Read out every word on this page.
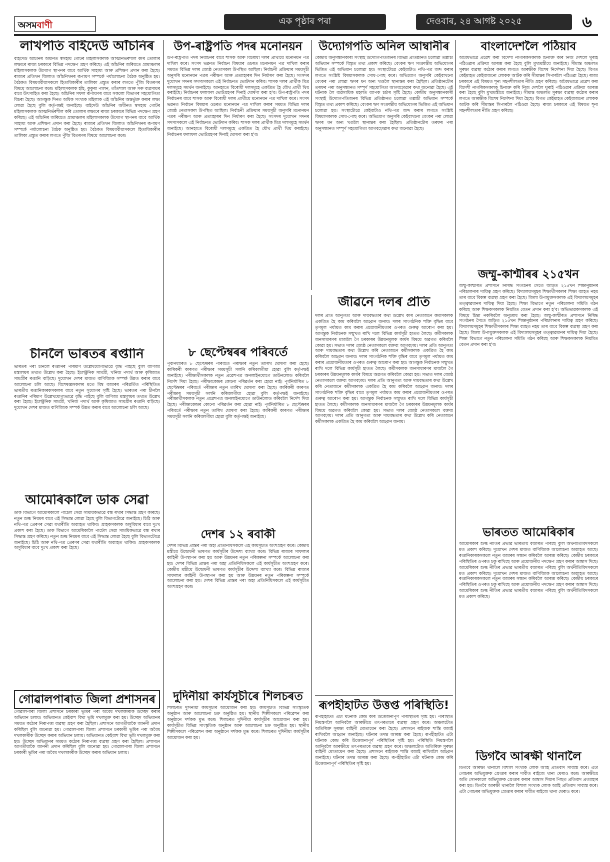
অসমবাণী	এক পৃষ্ঠাৰ পৰা	দেওবাৰ, ২৪ আগষ্ট ২০২৫	৬
লাখপতি বাইদেউ আঁচনিৰ
বাইদেউ আঁচনিৰ অধীনত স্বসহায় গোটৰ মহিলাসকলক আত্মনিৰ্ভৰশীল কৰি তোলাৰ লক্ষ্যৰে ৰাজ্য চৰকাৰে বিভিন্ন পদক্ষেপ গ্ৰহণ কৰিছে। এই আঁচনিৰ জৰিয়তে গ্ৰামাঞ্চলৰ মহিলাসকলক উদ্যোগ স্থাপনৰ বাবে আৰ্থিক সাহায্য আৰু প্ৰশিক্ষণ প্ৰদান কৰা হৈছে। ৰাজ্যৰ প্ৰতিখন জিলাত আঁচনিখনৰ ৰূপায়ণ সম্পৰ্কে পৰ্যালোচনা বৈঠক অনুষ্ঠিত হয়। বৈঠকত বিষয়ববীয়াসকলে হিতাধিকাৰীৰ তালিকা প্ৰস্তুত কৰাৰ লগতে পুঁজি বিতৰণৰ বিষয়ে আলোচনা কৰে। মহিলাসকলক হাঁহ, কুকুৰা পালন, তাঁতশাল আৰু সৰু ব্যৱসায়ৰ বাবে উৎসাহিত কৰা হৈছে। আঁচনিৰ সফল ৰূপায়ণৰ বাবে সকলো বিভাগৰ সহযোগিতা বিচৰা হৈছে। আগন্তুক দিনত অধিক সংখ্যক মহিলাক এই আঁচনিৰ অন্তৰ্ভুক্ত কৰাৰ লক্ষ্য লোৱা হৈছে বুলি কৰ্তৃপক্ষই জনাইছে। বাইদেউ আঁচনিৰ অধীনত স্বসহায় গোটৰ মহিলাসকলক আত্মনিৰ্ভৰশীল কৰি তোলাৰ লক্ষ্যৰে ৰাজ্য চৰকাৰে বিভিন্ন পদক্ষেপ গ্ৰহণ কৰিছে। এই আঁচনিৰ জৰিয়তে গ্ৰামাঞ্চলৰ মহিলাসকলক উদ্যোগ স্থাপনৰ বাবে আৰ্থিক সাহায্য আৰু প্ৰশিক্ষণ প্ৰদান কৰা হৈছে। ৰাজ্যৰ প্ৰতিখন জিলাত আঁচনিখনৰ ৰূপায়ণ সম্পৰ্কে পৰ্যালোচনা বৈঠক অনুষ্ঠিত হয়। বৈঠকত বিষয়ববীয়াসকলে হিতাধিকাৰীৰ তালিকা প্ৰস্তুত কৰাৰ লগতে পুঁজি বিতৰণৰ বিষয়ে আলোচনা কৰে।
চীনলৈ ভাৰতৰ ৰপ্তানি
ভাৰতৰ পৰা চীনলৈ ৰপ্তানিৰ পৰিমাণ উল্লেখযোগ্যভাৱে বৃদ্ধি পাইছে বুলি বাণিজ্য মন্ত্ৰালয়ৰ তথ্যত উল্লেখ কৰা হৈছে। ইলেক্ট্ৰনিক সামগ্ৰী, খনিজ পদাৰ্থ আৰু কৃষিজাত সামগ্ৰীৰ ৰপ্তানি বাঢ়িছে। দুয়োখন দেশৰ মাজত বাণিজ্যিক সম্পৰ্ক উন্নত কৰাৰ বাবে আলোচনা চলি আছে। বিশেষজ্ঞসকলৰ মতে বিশ্ব বজাৰৰ পৰিৱৰ্তিত পৰিস্থিতিত ভাৰতীয় ৰপ্তানিকাৰকসকলৰ বাবে নতুন সুযোগৰ সৃষ্টি হৈছে। ভাৰতৰ পৰা চীনলৈ ৰপ্তানিৰ পৰিমাণ উল্লেখযোগ্যভাৱে বৃদ্ধি পাইছে বুলি বাণিজ্য মন্ত্ৰালয়ৰ তথ্যত উল্লেখ কৰা হৈছে। ইলেক্ট্ৰনিক সামগ্ৰী, খনিজ পদাৰ্থ আৰু কৃষিজাত সামগ্ৰীৰ ৰপ্তানি বাঢ়িছে। দুয়োখন দেশৰ মাজত বাণিজ্যিক সম্পৰ্ক উন্নত কৰাৰ বাবে আলোচনা চলি আছে।
আমেৰিকালৈ ডাক সেৱা
ডাক বিভাগে আমেৰিকালৈ পাৰ্চেল সেৱা সাময়িকভাৱে বন্ধ ৰখাৰ সিদ্ধান্ত গ্ৰহণ কৰিছে। নতুন শুল্ক নিয়মৰ বাবে এই সিদ্ধান্ত লোৱা হৈছে বুলি বিভাগটোৱে জনাইছে। চিঠি আৰু নথি-পত্ৰ প্ৰেৰণৰ সেৱা যথাৰীতি অব্যাহত থাকিব। গ্ৰাহকসকলক অসুবিধাৰ বাবে দুঃখ প্ৰকাশ কৰা হৈছে। ডাক বিভাগে আমেৰিকালৈ পাৰ্চেল সেৱা সাময়িকভাৱে বন্ধ ৰখাৰ সিদ্ধান্ত গ্ৰহণ কৰিছে। নতুন শুল্ক নিয়মৰ বাবে এই সিদ্ধান্ত লোৱা হৈছে বুলি বিভাগটোৱে জনাইছে। চিঠি আৰু নথি-পত্ৰ প্ৰেৰণৰ সেৱা যথাৰীতি অব্যাহত থাকিব। গ্ৰাহকসকলক অসুবিধাৰ বাবে দুঃখ প্ৰকাশ কৰা হৈছে।
গোৱালপাৰাত জিলা প্ৰশাসনৰ
গোৱালপাৰা জিলা প্ৰশাসনে চৰকাৰী ভূমিৰ পৰা অবৈধ দখলকাৰীক উচ্ছেদ কৰাৰ অভিযান চলায়। অভিযানত কেইবাশ বিঘা ভূমি দখলমুক্ত কৰা হয়। উচ্ছেদ অভিযানৰ সময়ত কঠোৰ নিৰাপত্তা ব্যৱস্থা গ্ৰহণ কৰা হৈছিল। প্ৰশাসনে আগতীয়াকৈ জাননী প্ৰদান কৰিছিল বুলি জনোৱা হয়। গোৱালপাৰা জিলা প্ৰশাসনে চৰকাৰী ভূমিৰ পৰা অবৈধ দখলকাৰীক উচ্ছেদ কৰাৰ অভিযান চলায়। অভিযানত কেইবাশ বিঘা ভূমি দখলমুক্ত কৰা হয়। উচ্ছেদ অভিযানৰ সময়ত কঠোৰ নিৰাপত্তা ব্যৱস্থা গ্ৰহণ কৰা হৈছিল। প্ৰশাসনে আগতীয়াকৈ জাননী প্ৰদান কৰিছিল বুলি জনোৱা হয়। গোৱালপাৰা জিলা প্ৰশাসনে চৰকাৰী ভূমিৰ পৰা অবৈধ দখলকাৰীক উচ্ছেদ কৰাৰ অভিযান চলায়।
উপ-ৰাষ্ট্ৰপতি পদৰ মনোনয়ন
উপ-ৰাষ্ট্ৰপতি পদৰ নিৰ্বাচনৰ বাবে শাসক আৰু বিৰোধী দলৰ প্ৰাৰ্থীয়ে মনোনয়ন পত্ৰ দাখিল কৰে। সংসদ ভৱনত নিৰ্বাচন বিষয়াৰ ওচৰত মনোনয়ন পত্ৰ দাখিল কৰাৰ সময়ত বিভিন্ন দলৰ জ্যেষ্ঠ নেতাসকল উপস্থিত আছিল। নিৰ্বাচনী প্ৰক্ৰিয়াৰ সময়সূচী অনুসৰি মনোনয়ন পত্ৰৰ পৰীক্ষণ আৰু প্ৰত্যাহাৰৰ দিন নিৰ্ধাৰণ কৰা হৈছে। সংসদৰ দুয়োখন সদনৰ সদস্যসকলে এই নিৰ্বাচনত ভোটদান কৰিব। শাসক দলৰ প্ৰাৰ্থীক মিত্ৰ দলসমূহে সমৰ্থন জনাইছে। আনহাতে বিৰোধী দলসমূহে একত্ৰিত হৈ যৌথ প্ৰাৰ্থী থিয় কৰাইছে। নিৰ্বাচনৰ ফলাফল ভোটগ্ৰহণৰ দিনাই ঘোষণা কৰা হ'ব। উপ-ৰাষ্ট্ৰপতি পদৰ নিৰ্বাচনৰ বাবে শাসক আৰু বিৰোধী দলৰ প্ৰাৰ্থীয়ে মনোনয়ন পত্ৰ দাখিল কৰে। সংসদ ভৱনত নিৰ্বাচন বিষয়াৰ ওচৰত মনোনয়ন পত্ৰ দাখিল কৰাৰ সময়ত বিভিন্ন দলৰ জ্যেষ্ঠ নেতাসকল উপস্থিত আছিল। নিৰ্বাচনী প্ৰক্ৰিয়াৰ সময়সূচী অনুসৰি মনোনয়ন পত্ৰৰ পৰীক্ষণ আৰু প্ৰত্যাহাৰৰ দিন নিৰ্ধাৰণ কৰা হৈছে। সংসদৰ দুয়োখন সদনৰ সদস্যসকলে এই নিৰ্বাচনত ভোটদান কৰিব। শাসক দলৰ প্ৰাৰ্থীক মিত্ৰ দলসমূহে সমৰ্থন জনাইছে। আনহাতে বিৰোধী দলসমূহে একত্ৰিত হৈ যৌথ প্ৰাৰ্থী থিয় কৰাইছে। নিৰ্বাচনৰ ফলাফল ভোটগ্ৰহণৰ দিনাই ঘোষণা কৰা হ'ব।
৮ ছেপ্টেম্বৰৰ পৰিবৰ্তে
পূৰ্বনিৰ্ধাৰিত ৮ ছেপ্টেম্বৰৰ পৰিবৰ্তে পৰীক্ষাৰ নতুন তাৰিখ ঘোষণা কৰা হৈছে। কাৰিকৰী কাৰণত পৰীক্ষাৰ সময়সূচী সলনি কৰিবলগীয়া হোৱা বুলি কৰ্তৃপক্ষই জনাইছে। পৰীক্ষাৰ্থীসকলক নতুন প্ৰৱেশপত্ৰ অনলাইনযোগে ডাউনলোড কৰিবলৈ নিৰ্দেশ দিয়া হৈছে। পৰীক্ষাকেন্দ্ৰৰ কোনো পৰিৱৰ্তন কৰা হোৱা নাই। পূৰ্বনিৰ্ধাৰিত ৮ ছেপ্টেম্বৰৰ পৰিবৰ্তে পৰীক্ষাৰ নতুন তাৰিখ ঘোষণা কৰা হৈছে। কাৰিকৰী কাৰণত পৰীক্ষাৰ সময়সূচী সলনি কৰিবলগীয়া হোৱা বুলি কৰ্তৃপক্ষই জনাইছে। পৰীক্ষাৰ্থীসকলক নতুন প্ৰৱেশপত্ৰ অনলাইনযোগে ডাউনলোড কৰিবলৈ নিৰ্দেশ দিয়া হৈছে। পৰীক্ষাকেন্দ্ৰৰ কোনো পৰিৱৰ্তন কৰা হোৱা নাই। পূৰ্বনিৰ্ধাৰিত ৮ ছেপ্টেম্বৰৰ পৰিবৰ্তে পৰীক্ষাৰ নতুন তাৰিখ ঘোষণা কৰা হৈছে। কাৰিকৰী কাৰণত পৰীক্ষাৰ সময়সূচী সলনি কৰিবলগীয়া হোৱা বুলি কৰ্তৃপক্ষই জনাইছে।
দেশৰ ১২ ৰবাকী
দেশৰ বিভিন্ন প্ৰান্তৰ পৰা অহা প্ৰতিনিধিসকলে এই কাৰ্যসূচীত অংশগ্ৰহণ কৰে। কেন্দ্ৰীয় মন্ত্ৰীয়ে উদ্বোধনী ভাষণত কাৰ্যসূচীৰ উদ্দেশ্য ব্যাখ্যা কৰে। বিভিন্ন ৰাজ্যৰ সাফল্যৰ কাহিনী উপস্থাপন কৰা হয় আৰু উন্নয়নৰ নতুন পৰিকল্পনা সম্পৰ্কে আলোচনা কৰা হয়। দেশৰ বিভিন্ন প্ৰান্তৰ পৰা অহা প্ৰতিনিধিসকলে এই কাৰ্যসূচীত অংশগ্ৰহণ কৰে। কেন্দ্ৰীয় মন্ত্ৰীয়ে উদ্বোধনী ভাষণত কাৰ্যসূচীৰ উদ্দেশ্য ব্যাখ্যা কৰে। বিভিন্ন ৰাজ্যৰ সাফল্যৰ কাহিনী উপস্থাপন কৰা হয় আৰু উন্নয়নৰ নতুন পৰিকল্পনা সম্পৰ্কে আলোচনা কৰা হয়। দেশৰ বিভিন্ন প্ৰান্তৰ পৰা অহা প্ৰতিনিধিসকলে এই কাৰ্যসূচীত অংশগ্ৰহণ কৰে।
দুদিনীয়া কাৰ্যসূচীৰে শিলচৰত
শিলচৰত দুদিনীয়া কাৰ্যসূচীৰ আয়োজন কৰা হয়। কাৰ্যসূচীত বিভিন্ন সাংস্কৃতিক অনুষ্ঠান আৰু আলোচনা চক্ৰ অনুষ্ঠিত হয়। স্থানীয় শিল্পীসকলে পৰিৱেশন কৰা অনুষ্ঠানে দৰ্শকক মুগ্ধ কৰে। শিলচৰত দুদিনীয়া কাৰ্যসূচীৰ আয়োজন কৰা হয়। কাৰ্যসূচীত বিভিন্ন সাংস্কৃতিক অনুষ্ঠান আৰু আলোচনা চক্ৰ অনুষ্ঠিত হয়। স্থানীয় শিল্পীসকলে পৰিৱেশন কৰা অনুষ্ঠানে দৰ্শকক মুগ্ধ কৰে। শিলচৰত দুদিনীয়া কাৰ্যসূচীৰ আয়োজন কৰা হয়।
উদ্যোগপতি অনিল আম্বানীৰ
কেন্দ্ৰীয় অনুসন্ধানকাৰী সংস্থাই উদ্যোগপতিজনৰ বিভিন্ন প্ৰতিষ্ঠানত চলোৱা তল্লাচী অভিযান সম্পৰ্কে বিস্তৃত তথ্য প্ৰকাশ কৰিছে। বেংকৰ ঋণ সংক্ৰান্তীয় অভিযোগৰ ভিত্তিত এই অভিযান চলোৱা হয়। সংস্থাটোৱে কেইবাটাও নথি-পত্ৰ জব্দ কৰাৰ লগতে সংশ্লিষ্ট বিষয়াসকলক সোধ-পোছ কৰে। অভিযোগ অনুসৰি কেইবাখনো বেংকৰ পৰা লোৱা ঋণৰ ধন অন্য খণ্ডলৈ স্থানান্তৰ কৰা হৈছিল। প্ৰতিষ্ঠানটোৰ তৰফৰ পৰা অনুসন্ধানত সম্পূৰ্ণ সহযোগিতা আগবঢ়োৱাৰ কথা জনোৱা হৈছে। এই ঘটনাক লৈ ব্যৱসায়িক মহলত ব্যাপক চৰ্চাৰ সৃষ্টি হৈছে। কেন্দ্ৰীয় অনুসন্ধানকাৰী সংস্থাই উদ্যোগপতিজনৰ বিভিন্ন প্ৰতিষ্ঠানত চলোৱা তল্লাচী অভিযান সম্পৰ্কে বিস্তৃত তথ্য প্ৰকাশ কৰিছে। বেংকৰ ঋণ সংক্ৰান্তীয় অভিযোগৰ ভিত্তিত এই অভিযান চলোৱা হয়। সংস্থাটোৱে কেইবাটাও নথি-পত্ৰ জব্দ কৰাৰ লগতে সংশ্লিষ্ট বিষয়াসকলক সোধ-পোছ কৰে। অভিযোগ অনুসৰি কেইবাখনো বেংকৰ পৰা লোৱা ঋণৰ ধন অন্য খণ্ডলৈ স্থানান্তৰ কৰা হৈছিল। প্ৰতিষ্ঠানটোৰ তৰফৰ পৰা অনুসন্ধানত সম্পূৰ্ণ সহযোগিতা আগবঢ়োৱাৰ কথা জনোৱা হৈছে।
জীৱনে দলৰ প্ৰতি
দলৰ প্ৰতি আনুগত্য আৰু দায়বদ্ধতাৰ কথা উল্লেখ কৰি নেতাজনে কৰ্মীসকলক একত্ৰিত হৈ কাম কৰিবলৈ আহ্বান জনায়। দলৰ সাংগঠনিক শক্তি বৃদ্ধিৰ বাবে তৃণমূল পৰ্যায়ত কাম কৰাৰ প্ৰয়োজনীয়তাৰ ওপৰত গুৰুত্ব আৰোপ কৰা হয়। আগন্তুক নিৰ্বাচনক সন্মুখত ৰাখি দলে বিভিন্ন কাৰ্যসূচী হাতত লৈছে। কৰ্মীসকলক জনসাধাৰণৰ মাজলৈ গৈ চৰকাৰৰ উন্নয়নমূলক কাৰ্যৰ বিষয়ে অৱগত কৰিবলৈ কোৱা হয়। সভাত দলৰ জ্যেষ্ঠ নেতাসকলে বক্তব্য আগবঢ়ায়। দলৰ প্ৰতি আনুগত্য আৰু দায়বদ্ধতাৰ কথা উল্লেখ কৰি নেতাজনে কৰ্মীসকলক একত্ৰিত হৈ কাম কৰিবলৈ আহ্বান জনায়। দলৰ সাংগঠনিক শক্তি বৃদ্ধিৰ বাবে তৃণমূল পৰ্যায়ত কাম কৰাৰ প্ৰয়োজনীয়তাৰ ওপৰত গুৰুত্ব আৰোপ কৰা হয়। আগন্তুক নিৰ্বাচনক সন্মুখত ৰাখি দলে বিভিন্ন কাৰ্যসূচী হাতত লৈছে। কৰ্মীসকলক জনসাধাৰণৰ মাজলৈ গৈ চৰকাৰৰ উন্নয়নমূলক কাৰ্যৰ বিষয়ে অৱগত কৰিবলৈ কোৱা হয়। সভাত দলৰ জ্যেষ্ঠ নেতাসকলে বক্তব্য আগবঢ়ায়। দলৰ প্ৰতি আনুগত্য আৰু দায়বদ্ধতাৰ কথা উল্লেখ কৰি নেতাজনে কৰ্মীসকলক একত্ৰিত হৈ কাম কৰিবলৈ আহ্বান জনায়। দলৰ সাংগঠনিক শক্তি বৃদ্ধিৰ বাবে তৃণমূল পৰ্যায়ত কাম কৰাৰ প্ৰয়োজনীয়তাৰ ওপৰত গুৰুত্ব আৰোপ কৰা হয়। আগন্তুক নিৰ্বাচনক সন্মুখত ৰাখি দলে বিভিন্ন কাৰ্যসূচী হাতত লৈছে। কৰ্মীসকলক জনসাধাৰণৰ মাজলৈ গৈ চৰকাৰৰ উন্নয়নমূলক কাৰ্যৰ বিষয়ে অৱগত কৰিবলৈ কোৱা হয়। সভাত দলৰ জ্যেষ্ঠ নেতাসকলে বক্তব্য আগবঢ়ায়। দলৰ প্ৰতি আনুগত্য আৰু দায়বদ্ধতাৰ কথা উল্লেখ কৰি নেতাজনে কৰ্মীসকলক একত্ৰিত হৈ কাম কৰিবলৈ আহ্বান জনায়।
ৰূপহীহাটত উত্তপ্ত পৰিস্থিতি!
ৰূপহীহাটত এটা ঘটনাক কেন্দ্ৰ কৰি উত্তেজনাপূৰ্ণ পৰিস্থিতিৰ সৃষ্টি হয়। পৰিস্থিতি নিয়ন্ত্ৰণলৈ আনিবলৈ আৰক্ষীয়ে তৎপৰতাৰে ব্যৱস্থা গ্ৰহণ কৰে। অঞ্চলটোত অতিৰিক্ত সুৰক্ষা বাহিনী মোতায়েন কৰা হৈছে। প্ৰশাসনে ৰাইজক শান্তি বজাই ৰাখিবলৈ আহ্বান জনাইছে। ঘটনাৰ তদন্ত আৰম্ভ কৰা হৈছে। ৰূপহীহাটত এটা ঘটনাক কেন্দ্ৰ কৰি উত্তেজনাপূৰ্ণ পৰিস্থিতিৰ সৃষ্টি হয়। পৰিস্থিতি নিয়ন্ত্ৰণলৈ আনিবলৈ আৰক্ষীয়ে তৎপৰতাৰে ব্যৱস্থা গ্ৰহণ কৰে। অঞ্চলটোত অতিৰিক্ত সুৰক্ষা বাহিনী মোতায়েন কৰা হৈছে। প্ৰশাসনে ৰাইজক শান্তি বজাই ৰাখিবলৈ আহ্বান জনাইছে। ঘটনাৰ তদন্ত আৰম্ভ কৰা হৈছে। ৰূপহীহাটত এটা ঘটনাক কেন্দ্ৰ কৰি উত্তেজনাপূৰ্ণ পৰিস্থিতিৰ সৃষ্টি হয়।
বাংলাদেশলৈ পঠিয়াব
অবৈধভাৱে প্ৰৱেশ কৰা বিদেশী নাগৰিকসকলক চিনাক্ত কৰি নিজ দেশলৈ ঘূৰাই পঠিওৱাৰ প্ৰক্ৰিয়া আৰম্ভ কৰা হৈছে বুলি মুখ্যমন্ত্ৰীয়ে জনাইছে। সীমান্ত অঞ্চলত সুৰক্ষা ব্যৱস্থা কঠোৰ কৰাৰ লগতে আৰক্ষীক বিশেষ নিৰ্দেশনা দিয়া হৈছে। বিগত কেইমাহত কেইবাজনো লোকক আটক কৰি সীমান্তৰ সিপাৰলৈ পঠিওৱা হৈছে। ৰাজ্য চৰকাৰে এই বিষয়ত শূন্য সহনশীলতাৰ নীতি গ্ৰহণ কৰিছে। অবৈধভাৱে প্ৰৱেশ কৰা বিদেশী নাগৰিকসকলক চিনাক্ত কৰি নিজ দেশলৈ ঘূৰাই পঠিওৱাৰ প্ৰক্ৰিয়া আৰম্ভ কৰা হৈছে বুলি মুখ্যমন্ত্ৰীয়ে জনাইছে। সীমান্ত অঞ্চলত সুৰক্ষা ব্যৱস্থা কঠোৰ কৰাৰ লগতে আৰক্ষীক বিশেষ নিৰ্দেশনা দিয়া হৈছে। বিগত কেইমাহত কেইবাজনো লোকক আটক কৰি সীমান্তৰ সিপাৰলৈ পঠিওৱা হৈছে। ৰাজ্য চৰকাৰে এই বিষয়ত শূন্য সহনশীলতাৰ নীতি গ্ৰহণ কৰিছে।
জম্মু-কাশ্মীৰৰ ২১৫খন
জম্মু-কাশ্মীৰত প্ৰশাসনে নিষিদ্ধ সংগঠনৰ সৈতে জড়িত ২১৫খন শিক্ষানুষ্ঠানৰ পৰিচালনাৰ দায়িত্ব গ্ৰহণ কৰিছে। বিদ্যালয়সমূহৰ শিক্ষাৰ্থীসকলৰ শিক্ষা ব্যাহত নহয় তাৰ বাবে বিকল্প ব্যৱস্থা গ্ৰহণ কৰা হৈছে। জিলা উপায়ুক্তসকলক এই বিদ্যালয়সমূহৰ তত্ত্বাৱধানৰ দায়িত্ব দিয়া হৈছে। শিক্ষা বিভাগে নতুন পৰিচালনা সমিতি গঠন কৰিছে আৰু শিক্ষকসকলক নিয়মিত বেতন প্ৰদান কৰা হ'ব। অভিভাৱকসকলক এই বিষয়ে চিন্তা নকৰিবলৈ অনুৰোধ কৰা হৈছে। জম্মু-কাশ্মীৰত প্ৰশাসনে নিষিদ্ধ সংগঠনৰ সৈতে জড়িত ২১৫খন শিক্ষানুষ্ঠানৰ পৰিচালনাৰ দায়িত্ব গ্ৰহণ কৰিছে। বিদ্যালয়সমূহৰ শিক্ষাৰ্থীসকলৰ শিক্ষা ব্যাহত নহয় তাৰ বাবে বিকল্প ব্যৱস্থা গ্ৰহণ কৰা হৈছে। জিলা উপায়ুক্তসকলক এই বিদ্যালয়সমূহৰ তত্ত্বাৱধানৰ দায়িত্ব দিয়া হৈছে। শিক্ষা বিভাগে নতুন পৰিচালনা সমিতি গঠন কৰিছে আৰু শিক্ষকসকলক নিয়মিত বেতন প্ৰদান কৰা হ'ব।
ভাৰতত আমেৰিকাৰ
আমেৰিকাৰ শুল্ক নীতিৰ প্ৰভাৱ ভাৰতীয় বজাৰত পৰিছে বুলি অৰ্থনীতিবিদসকলে মত প্ৰকাশ কৰিছে। দুয়োখন দেশৰ মাজত বাণিজ্যিক আলোচনা অব্যাহত আছে। ৰপ্তানিকাৰকসকলে নতুন বজাৰৰ সন্ধান কৰিবলৈ আৰম্ভ কৰিছে। কেন্দ্ৰীয় চৰকাৰে পৰিস্থিতিৰ ওপৰত চকু ৰাখিছে আৰু প্ৰয়োজনীয় পদক্ষেপ গ্ৰহণ কৰাৰ আশ্বাস দিছে। আমেৰিকাৰ শুল্ক নীতিৰ প্ৰভাৱ ভাৰতীয় বজাৰত পৰিছে বুলি অৰ্থনীতিবিদসকলে মত প্ৰকাশ কৰিছে। দুয়োখন দেশৰ মাজত বাণিজ্যিক আলোচনা অব্যাহত আছে। ৰপ্তানিকাৰকসকলে নতুন বজাৰৰ সন্ধান কৰিবলৈ আৰম্ভ কৰিছে। কেন্দ্ৰীয় চৰকাৰে পৰিস্থিতিৰ ওপৰত চকু ৰাখিছে আৰু প্ৰয়োজনীয় পদক্ষেপ গ্ৰহণ কৰাৰ আশ্বাস দিছে। আমেৰিকাৰ শুল্ক নীতিৰ প্ৰভাৱ ভাৰতীয় বজাৰত পৰিছে বুলি অৰ্থনীতিবিদসকলে মত প্ৰকাশ কৰিছে।
ডিগবৈ আৰক্ষী থানালৈ
ডিগবৈ আৰক্ষী থানালৈ বিশাল সংখ্যক লোক আহি প্ৰতিবাদ সাব্যস্ত কৰে। এটা গোচৰৰ অভিযুক্তক গ্ৰেপ্তাৰ কৰাৰ দাবীত ৰাইজে থানা ঘেৰাও কৰে। আৰক্ষীয়ে অতি সোনকালে অভিযুক্তক গ্ৰেপ্তাৰ কৰাৰ আশ্বাস দিয়াৰ পিছত প্ৰতিবাদ প্ৰত্যাহাৰ কৰা হয়। ডিগবৈ আৰক্ষী থানালৈ বিশাল সংখ্যক লোক আহি প্ৰতিবাদ সাব্যস্ত কৰে। এটা গোচৰৰ অভিযুক্তক গ্ৰেপ্তাৰ কৰাৰ দাবীত ৰাইজে থানা ঘেৰাও কৰে।
